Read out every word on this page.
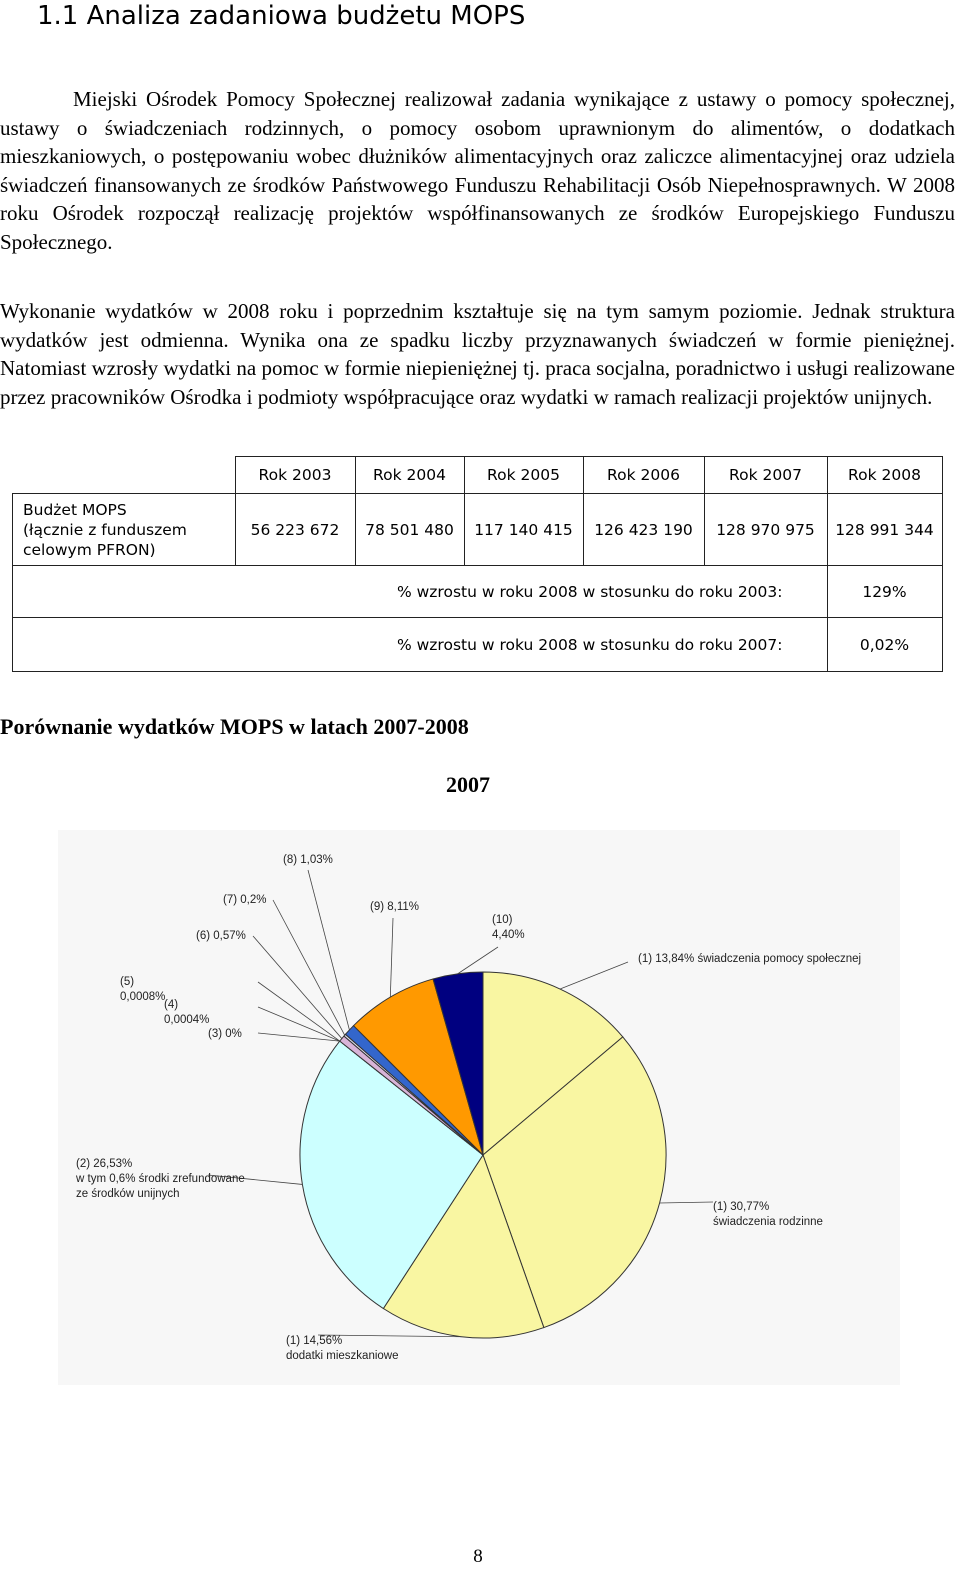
1.1 Analiza zadaniowa budżetu MOPS

Miejski Ośrodek Pomocy Społecznej realizował zadania wynikające z ustawy o pomocy społecznej, ustawy o świadczeniach rodzinnych, o pomocy osobom uprawnionym do alimentów, o dodatkach mieszkaniowych, o postępowaniu wobec dłużników alimentacyjnych oraz zaliczce alimentacyjnej oraz udziela świadczeń finansowanych ze środków Państwowego Funduszu Rehabilitacji Osób Niepełnosprawnych. W 2008 roku Ośrodek rozpoczął realizację projektów współfinansowanych ze środków Europejskiego Funduszu Społecznego.

Wykonanie wydatków w 2008 roku i poprzednim kształtuje się na tym samym poziomie. Jednak struktura wydatków jest odmienna. Wynika ona ze spadku liczby przyznawanych świadczeń w formie pieniężnej. Natomiast wzrosły wydatki na pomoc w formie niepieniężnej tj. praca socjalna, poradnictwo i usługi realizowane przez pracowników Ośrodka i podmioty współpracujące oraz wydatki w ramach realizacji projektów unijnych.

	Rok 2003	Rok 2004	Rok 2005	Rok 2006	Rok 2007	Rok 2008

Budżet MOPS
(łącznie z funduszem
celowym PFRON)	56 223 672	78 501 480	117 140 415	126 423 190	128 970 975	128 991 344
% wzrostu w roku 2008 w stosunku do roku 2003:						129%
% wzrostu w roku 2008 w stosunku do roku 2007:						0,02%
Porównanie wydatków MOPS w latach 2007-2008
2007
(1) 13,84% świadczenia pomocy społecznej
(1) 30,77% świadczenia rodzinne
(1) 14,56% dodatki mieszkaniowe
(2) 26,53% w tym 0,6% środki zrefundowane ze środków unijnych
(3) 0%
(4) 0,0004%
(5) 0,0008%
(6) 0,57%
(7) 0,2%
(8) 1,03%
(9) 8,11%
(10) 4,40%
8
